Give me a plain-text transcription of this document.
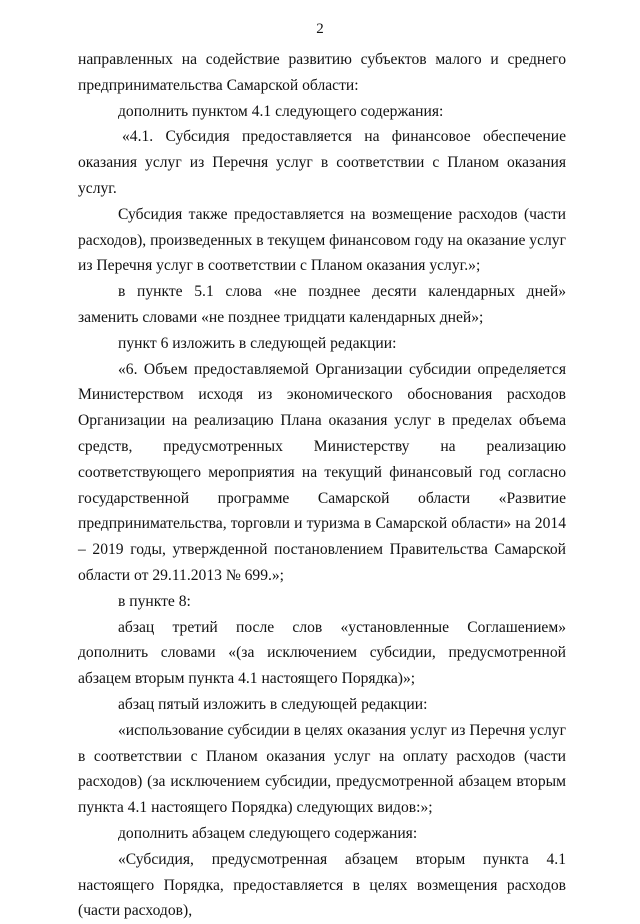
2

направленных на содействие развитию субъектов малого и среднего предпринимательства Самарской области:

дополнить пунктом 4.1 следующего содержания:

«4.1. Субсидия предоставляется на финансовое обеспечение оказания услуг из Перечня услуг в соответствии с Планом оказания услуг.

Субсидия также предоставляется на возмещение расходов (части расходов), произведенных в текущем финансовом году на оказание услуг из Перечня услуг в соответствии с Планом оказания услуг.»;

в пункте 5.1 слова «не позднее десяти календарных дней» заменить словами «не позднее тридцати календарных дней»;

пункт 6 изложить в следующей редакции:

«6. Объем предоставляемой Организации субсидии определяется Министерством исходя из экономического обоснования расходов Организации на реализацию Плана оказания услуг в пределах объема средств, предусмотренных Министерству на реализацию соответствующего мероприятия на текущий финансовый год согласно государственной программе Самарской области «Развитие предпринимательства, торговли и туризма в Самарской области» на 2014 – 2019 годы, утвержденной постановлением Правительства Самарской области от 29.11.2013 № 699.»;

в пункте 8:

абзац третий после слов «установленные Соглашением» дополнить словами «(за исключением субсидии, предусмотренной абзацем вторым пункта 4.1 настоящего Порядка)»;

абзац пятый изложить в следующей редакции:

«использование субсидии в целях оказания услуг из Перечня услуг в соответствии с Планом оказания услуг на оплату расходов (части расходов) (за исключением субсидии, предусмотренной абзацем вторым пункта 4.1 настоящего Порядка) следующих видов:»;

дополнить абзацем следующего содержания:

«Субсидия, предусмотренная абзацем вторым пункта 4.1 настоящего Порядка, предоставляется в целях возмещения расходов (части расходов),
